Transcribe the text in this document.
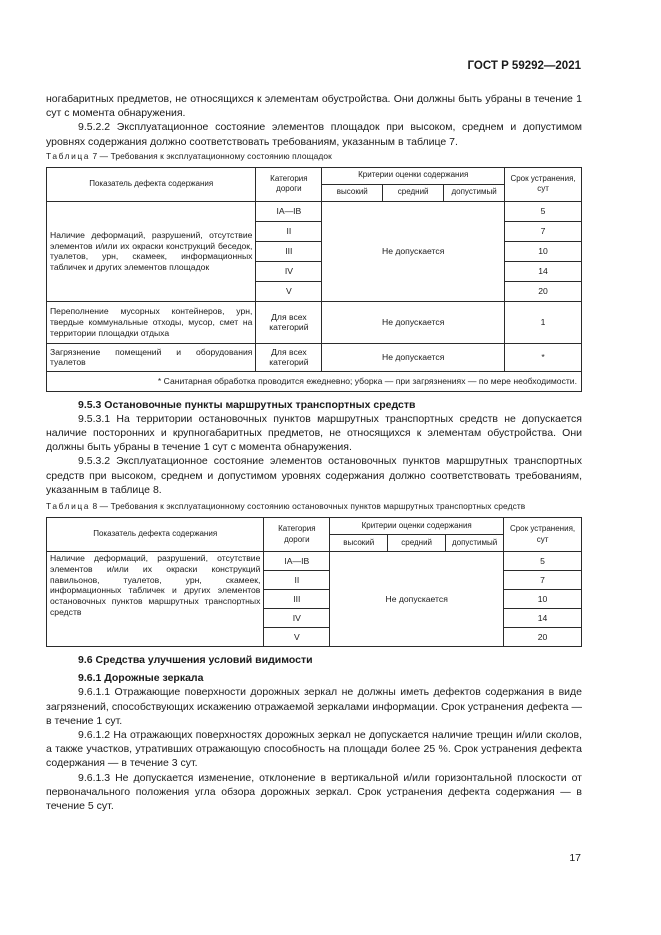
ГОСТ Р 59292—2021

ногабаритных предметов, не относящихся к элементам обустройства. Они должны быть убраны в течение 1 сут с момента обнаружения.

9.5.2.2 Эксплуатационное состояние элементов площадок при высоком, среднем и допустимом уровнях содержания должно соответствовать требованиям, указанным в таблице 7.

Таблица 7 — Требования к эксплуатационному состоянию площадок
Показатель дефекта содержания	Категория дороги	Критерии оценки содержания			Срок устранения, сут
		высокий	средний	допустимый	
Наличие деформаций, разрушений, отсутствие элементов и/или их окраски конструкций беседок, туалетов, урн, скамеек, информационных табличек и других элементов площадок	IA—IB	Не допускается			5
	II				7
	III				10
	IV				14
	V				20
Переполнение мусорных контейнеров, урн, твердые коммунальные отходы, мусор, смет на территории площадки отдыха	Для всех категорий	Не допускается			1
Загрязнение помещений и оборудования туалетов	Для всех категорий	Не допускается			*
* Санитарная обработка проводится ежедневно; уборка — при загрязнениях — по мере необходимости.					
9.5.3 Остановочные пункты маршрутных транспортных средств

9.5.3.1 На территории остановочных пунктов маршрутных транспортных средств не допускается наличие посторонних и крупногабаритных предметов, не относящихся к элементам обустройства. Они должны быть убраны в течение 1 сут с момента обнаружения.

9.5.3.2 Эксплуатационное состояние элементов остановочных пунктов маршрутных транспортных средств при высоком, среднем и допустимом уровнях содержания должно соответствовать требованиям, указанным в таблице 8.

Таблица 8 — Требования к эксплуатационному состоянию остановочных пунктов маршрутных транспортных средств
Показатель дефекта содержания	Категория дороги	Критерии оценки содержания			Срок устранения, сут
		высокий	средний	допустимый	
Наличие деформаций, разрушений, отсутствие элементов и/или их окраски конструкций павильонов, туалетов, урн, скамеек, информационных табличек и других элементов остановочных пунктов маршрутных транспортных средств	IA—IB	Не допускается			5
	II				7
	III				10
	IV				14
	V				20
9.6 Средства улучшения условий видимости
9.6.1 Дорожные зеркала

9.6.1.1 Отражающие поверхности дорожных зеркал не должны иметь дефектов содержания в виде загрязнений, способствующих искажению отражаемой зеркалами информации. Срок устранения дефекта — в течение 1 сут.

9.6.1.2 На отражающих поверхностях дорожных зеркал не допускается наличие трещин и/или сколов, а также участков, утративших отражающую способность на площади более 25 %. Срок устранения дефекта содержания — в течение 3 сут.

9.6.1.3 Не допускается изменение, отклонение в вертикальной и/или горизонтальной плоскости от первоначального положения угла обзора дорожных зеркал. Срок устранения дефекта содержания — в течение 5 сут.

17
